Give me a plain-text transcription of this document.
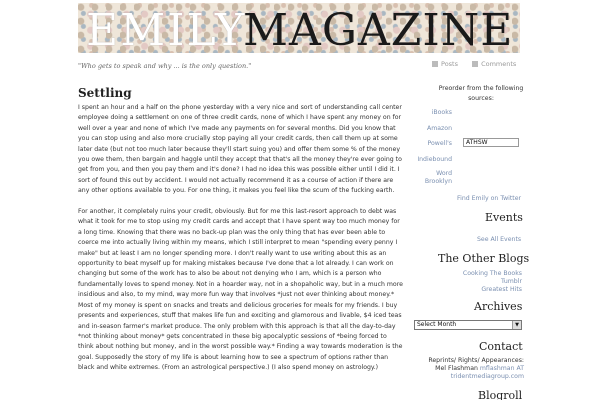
EMILY
MAGAZINE
"Who gets to speak and why ... is the only question."	Posts	Comments
Settling

I spent an hour and a half on the phone yesterday with a very nice and sort of understanding call center employee doing a settlement on one of three credit cards, none of which I have spent any money on for well over a year and none of which I've made any payments on for several months. Did you know that you can stop using and also more crucially stop paying all your credit cards, then call them up at some later date (but not too much later because they'll start suing you) and offer them some % of the money you owe them, then bargain and haggle until they accept that that's all the money they're ever going to get from you, and then you pay them and it's done? I had no idea this was possible either until I did it. I sort of found this out by accident. I would not actually recommend it as a course of action if there are any other options available to you. For one thing, it makes you feel like the scum of the fucking earth.

For another, it completely ruins your credit, obviously. But for me this last-resort approach to debt was what it took for me to stop using my credit cards and accept that I have spent way too much money for a long time. Knowing that there was no back-up plan was the only thing that has ever been able to coerce me into actually living within my means, which I still interpret to mean "spending every penny I make" but at least I am no longer spending more. I don't really want to use writing about this as an opportunity to beat myself up for making mistakes because I've done that a lot already. I can work on changing but some of the work has to also be about not denying who I am, which is a person who fundamentally loves to spend money. Not in a hoarder way, not in a shopaholic way, but in a much more insidious and also, to my mind, way more fun way that involves *just not ever thinking about money.* Most of my money is spent on snacks and treats and delicious groceries for meals for my friends. I buy presents and experiences, stuff that makes life fun and exciting and glamorous and livable, $4 iced teas and in-season farmer's market produce. The only problem with this approach is that all the day-to-day *not thinking about money* gets concentrated in these big apocalyptic sessions of *being forced to think about nothing but money, and in the worst possible way.* Finding a way towards moderation is the goal. Supposedly the story of my life is about learning how to see a spectrum of options rather than black and white extremes. (From an astrological perspective.) (I also spend money on astrology.)

Preorder from the following sources:
iBooks
Amazon
Powell's
Indiebound
Word Brooklyn
ATHSW
Find Emily on Twitter
Events
See All Events
The Other Blogs
Cooking The Books
Tumblr
Greatest Hits
Archives
Select Month	▼
Contact
Reprints/ Rights/ Appearances:
Mel Flashman mflashman AT
tridentmediagroup.com
Blogroll
